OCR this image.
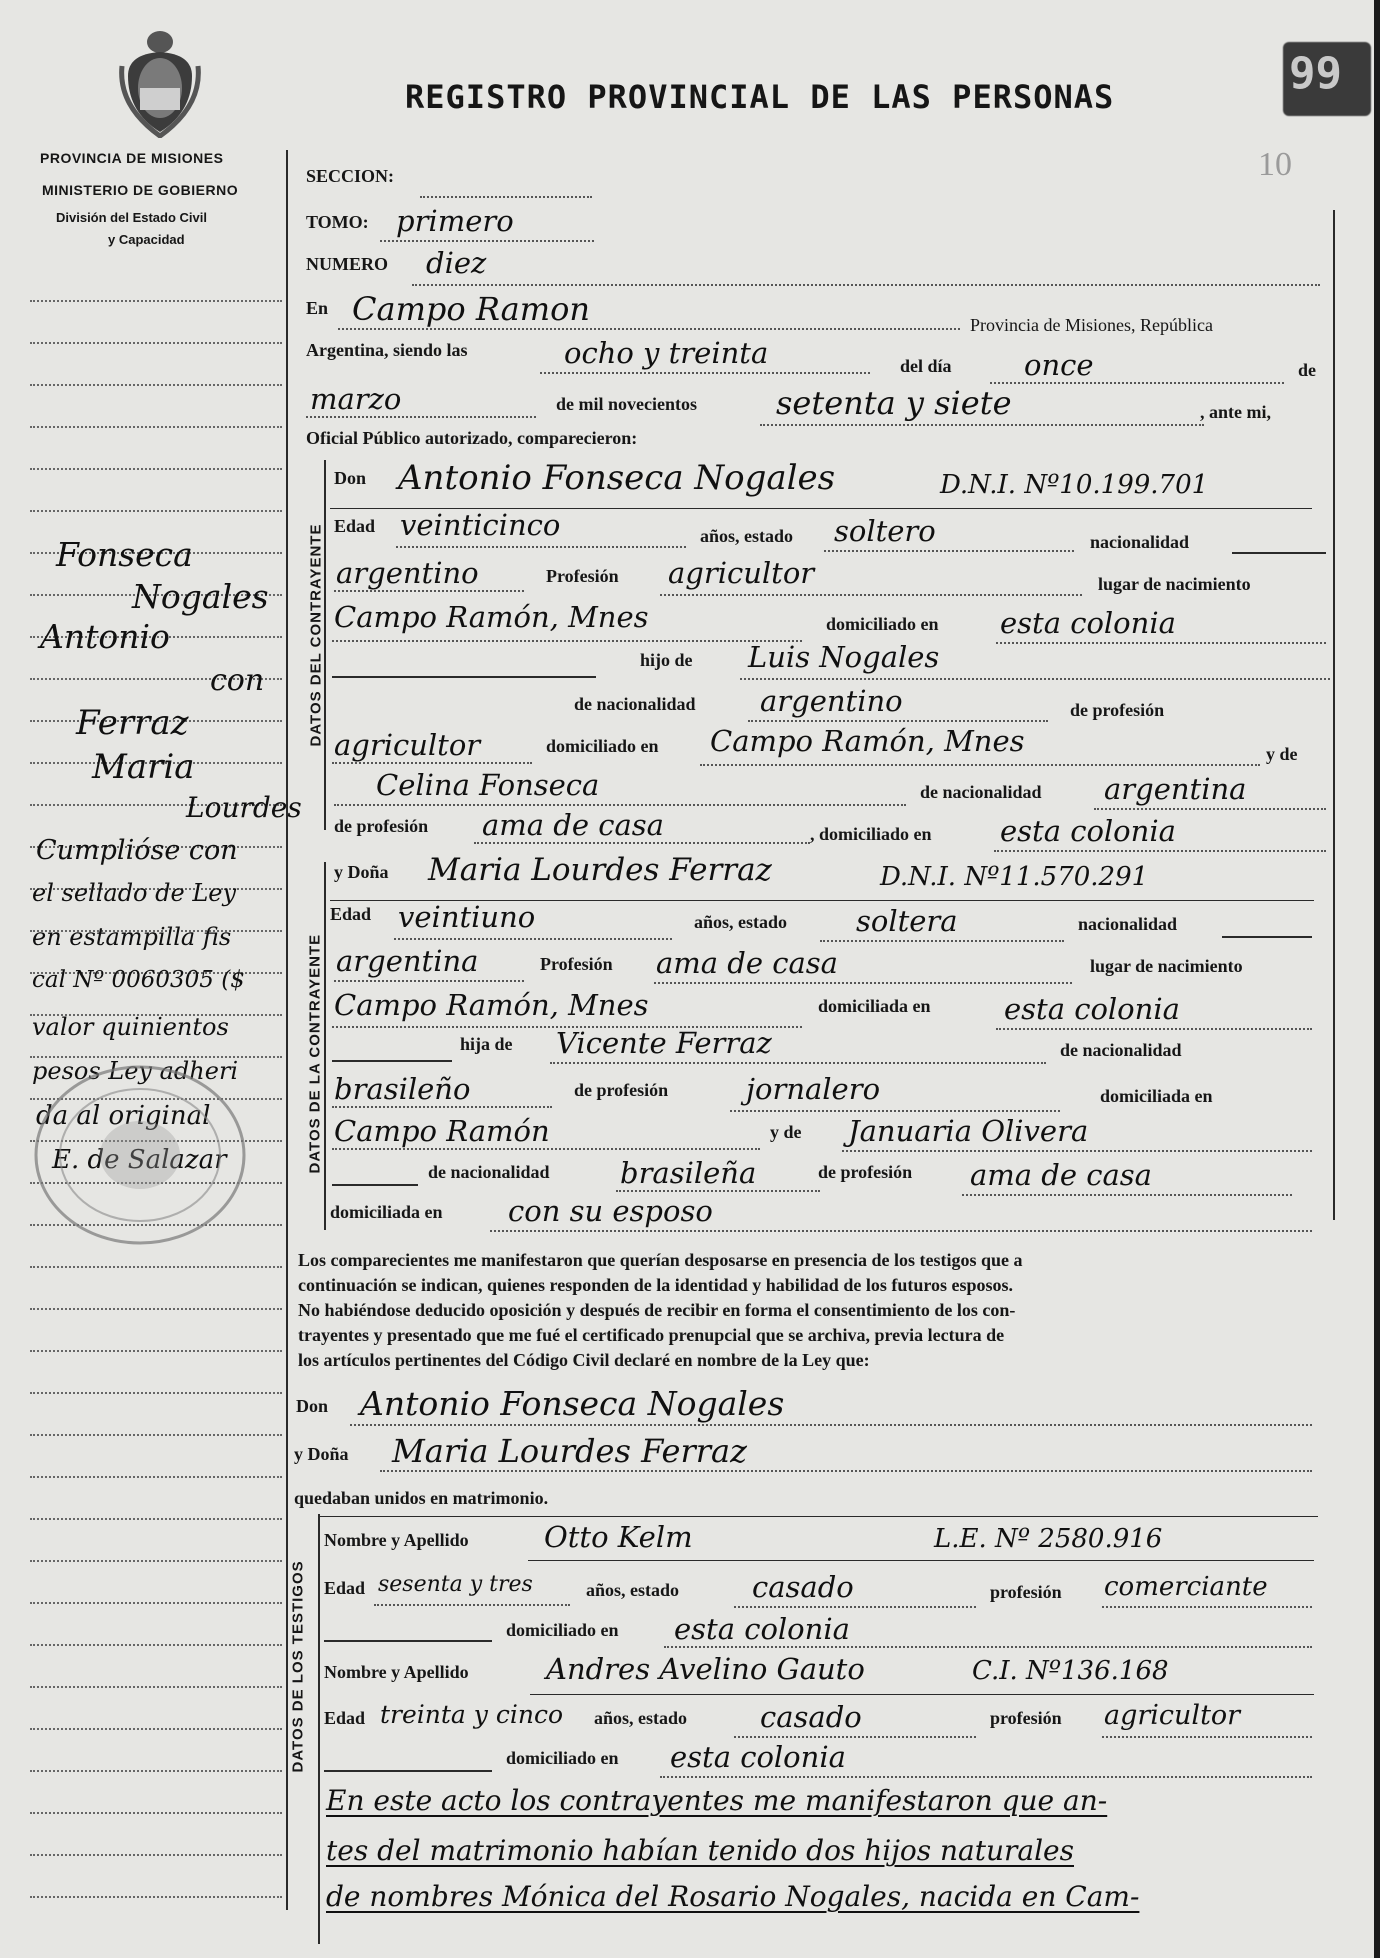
99
10
PROVINCIA DE MISIONES
MINISTERIO DE GOBIERNO
División del Estado Civil
y Capacidad
REGISTRO PROVINCIAL DE LAS PERSONAS
Fonseca
Nogales
Antonio
con
Ferraz
Maria
Lourdes
Cumplióse con
el sellado de Ley
en estampilla fis
cal Nº 0060305 ($
valor quinientos
pesos Ley adheri
da al original
E. de Salazar
SECCION:
TOMO: primero
NUMERO diez
En Campo Ramon	Provincia de Misiones, República
Argentina, siendo las	ocho y treinta	del día once	de
marzo	de mil novecientos setenta y siete	, ante mi,
Oficial Público autorizado, comparecieron:
DATOS DEL CONTRAYENTE
Don Antonio Fonseca Nogales	D.N.I. Nº10.199.701
Edad veinticinco	años, estado soltero	nacionalidad
argentino	Profesión agricultor	lugar de nacimiento
Campo Ramón, Mnes	domiciliado en esta colonia
hijo de Luis Nogales
de nacionalidad argentino	de profesión
agricultor	domiciliado en Campo Ramón, Mnes	y de
Celina Fonseca	de nacionalidad argentina
de profesión ama de casa	, domiciliado en esta colonia
DATOS DE LA CONTRAYENTE
y Doña Maria Lourdes Ferraz	D.N.I. Nº11.570.291
Edad veintiuno	años, estado soltera	nacionalidad
argentina	Profesión ama de casa	lugar de nacimiento
Campo Ramón, Mnes	domiciliada en	esta colonia
hija de Vicente Ferraz	de nacionalidad
brasileño	de profesión	jornalero	domiciliada en
Campo Ramón	y de Januaria Olivera
de nacionalidad brasileña	de profesión ama de casa
domiciliada en con su esposo
Los comparecientes me manifestaron que querían desposarse en presencia de los testigos que a
continuación se indican, quienes responden de la identidad y habilidad de los futuros esposos.
No habiéndose deducido oposición y después de recibir en forma el consentimiento de los con-
trayentes y presentado que me fué el certificado prenupcial que se archiva, previa lectura de
los artículos pertinentes del Código Civil declaré en nombre de la Ley que:
Don Antonio Fonseca Nogales
y Doña Maria Lourdes Ferraz
quedaban unidos en matrimonio.
DATOS DE LOS TESTIGOS
Nombre y Apellido	Otto Kelm	L.E. Nº 2580.916
Edad sesenta y tres	años, estado	casado	profesión comerciante
domiciliado en esta colonia
Nombre y Apellido	Andres Avelino Gauto	C.I. Nº136.168
Edad treinta y cinco años, estado	casado	profesión agricultor
domiciliado en esta colonia
En este acto los contrayentes me manifestaron que an-
tes del matrimonio habían tenido dos hijos naturales
de nombres Mónica del Rosario Nogales, nacida en Cam-
